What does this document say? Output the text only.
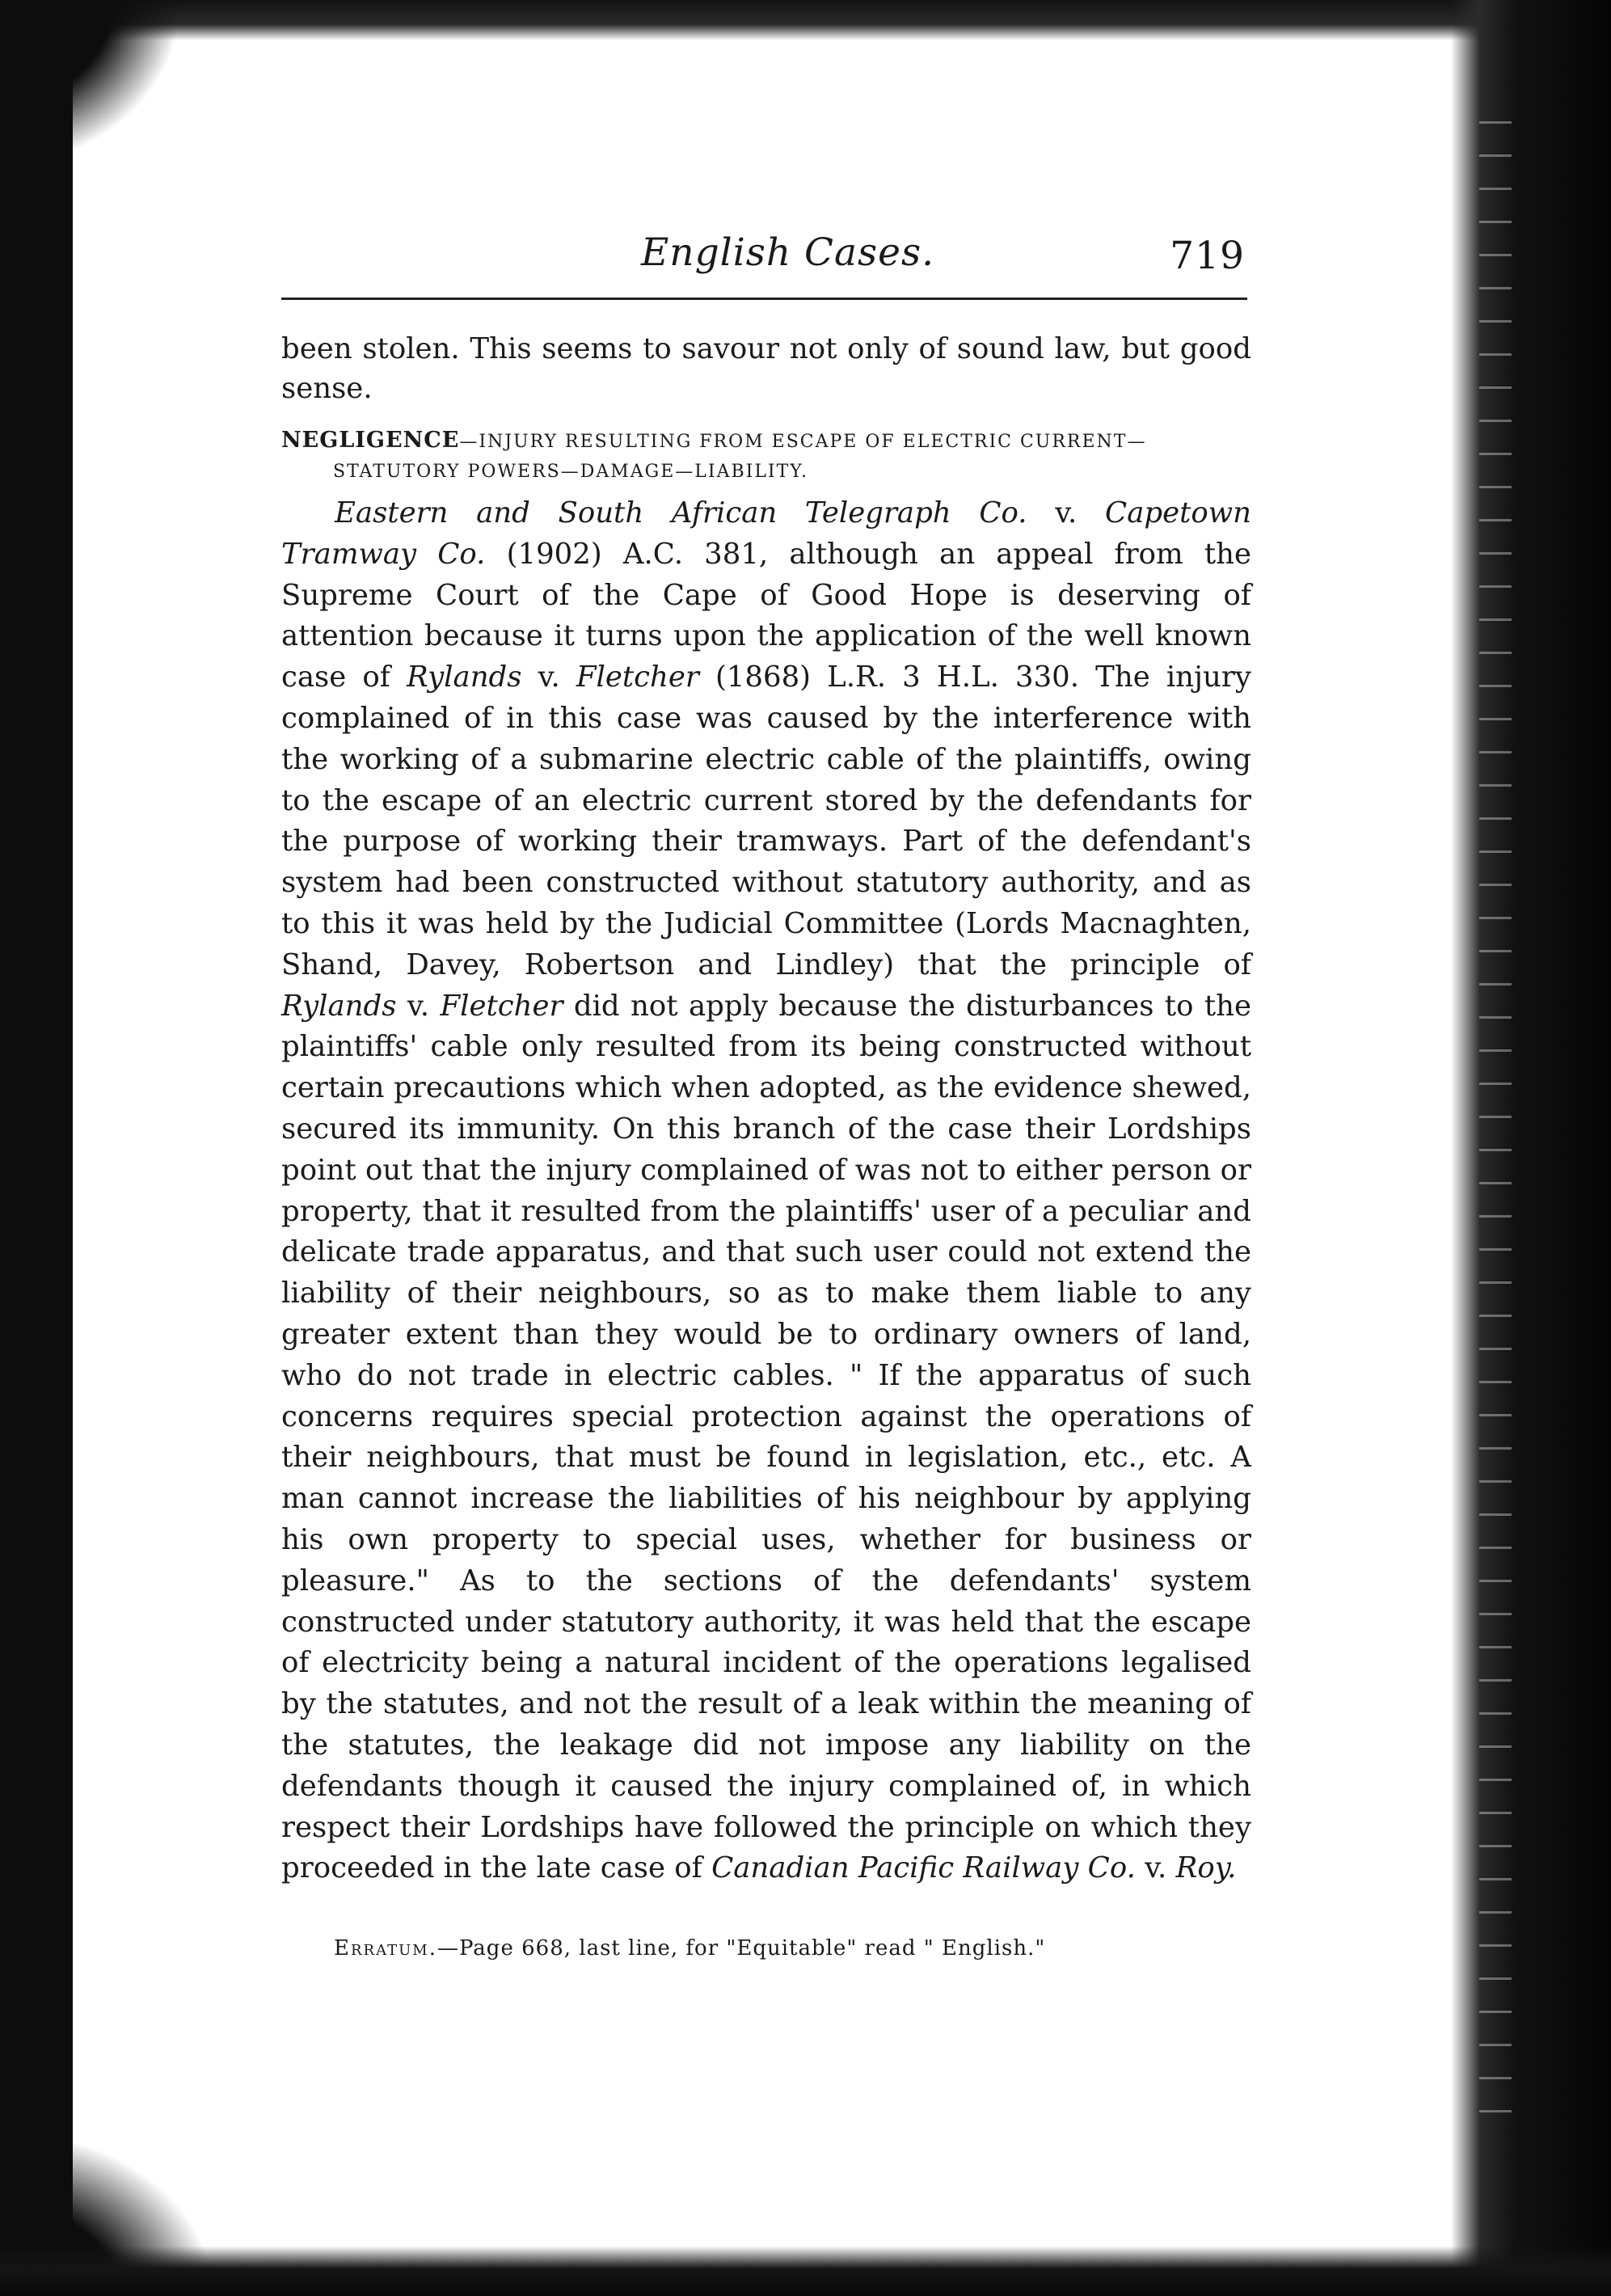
English Cases.	719

been stolen. This seems to savour not only of sound law, but good sense.

NEGLIGENCE—INJURY RESULTING FROM ESCAPE OF ELECTRIC CURRENT—
STATUTORY POWERS—DAMAGE—LIABILITY.

Eastern and South African Telegraph Co. v. Capetown Tramway Co. (1902) A.C. 381, although an appeal from the Supreme Court of the Cape of Good Hope is deserving of attention because it turns upon the application of the well known case of Rylands v. Fletcher (1868) L.R. 3 H.L. 330. The injury complained of in this case was caused by the interference with the working of a submarine electric cable of the plaintiffs, owing to the escape of an electric current stored by the defendants for the purpose of working their tramways. Part of the defendant's system had been constructed without statutory authority, and as to this it was held by the Judicial Committee (Lords Macnaghten, Shand, Davey, Robertson and Lindley) that the principle of Rylands v. Fletcher did not apply because the disturbances to the plaintiffs' cable only resulted from its being constructed without certain precautions which when adopted, as the evidence shewed, secured its immunity. On this branch of the case their Lordships point out that the injury complained of was not to either person or property, that it resulted from the plaintiffs' user of a peculiar and delicate trade apparatus, and that such user could not extend the liability of their neighbours, so as to make them liable to any greater extent than they would be to ordinary owners of land, who do not trade in electric cables. " If the apparatus of such concerns requires special protection against the operations of their neighbours, that must be found in legislation, etc., etc. A man cannot increase the liabilities of his neighbour by applying his own property to special uses, whether for business or pleasure." As to the sections of the defendants' system constructed under statutory authority, it was held that the escape of electricity being a natural incident of the operations legalised by the statutes, and not the result of a leak within the meaning of the statutes, the leakage did not impose any liability on the defendants though it caused the injury complained of, in which respect their Lordships have followed the principle on which they proceeded in the late case of Canadian Pacific Railway Co. v. Roy.

Erratum.—Page 668, last line, for "Equitable" read " English."
